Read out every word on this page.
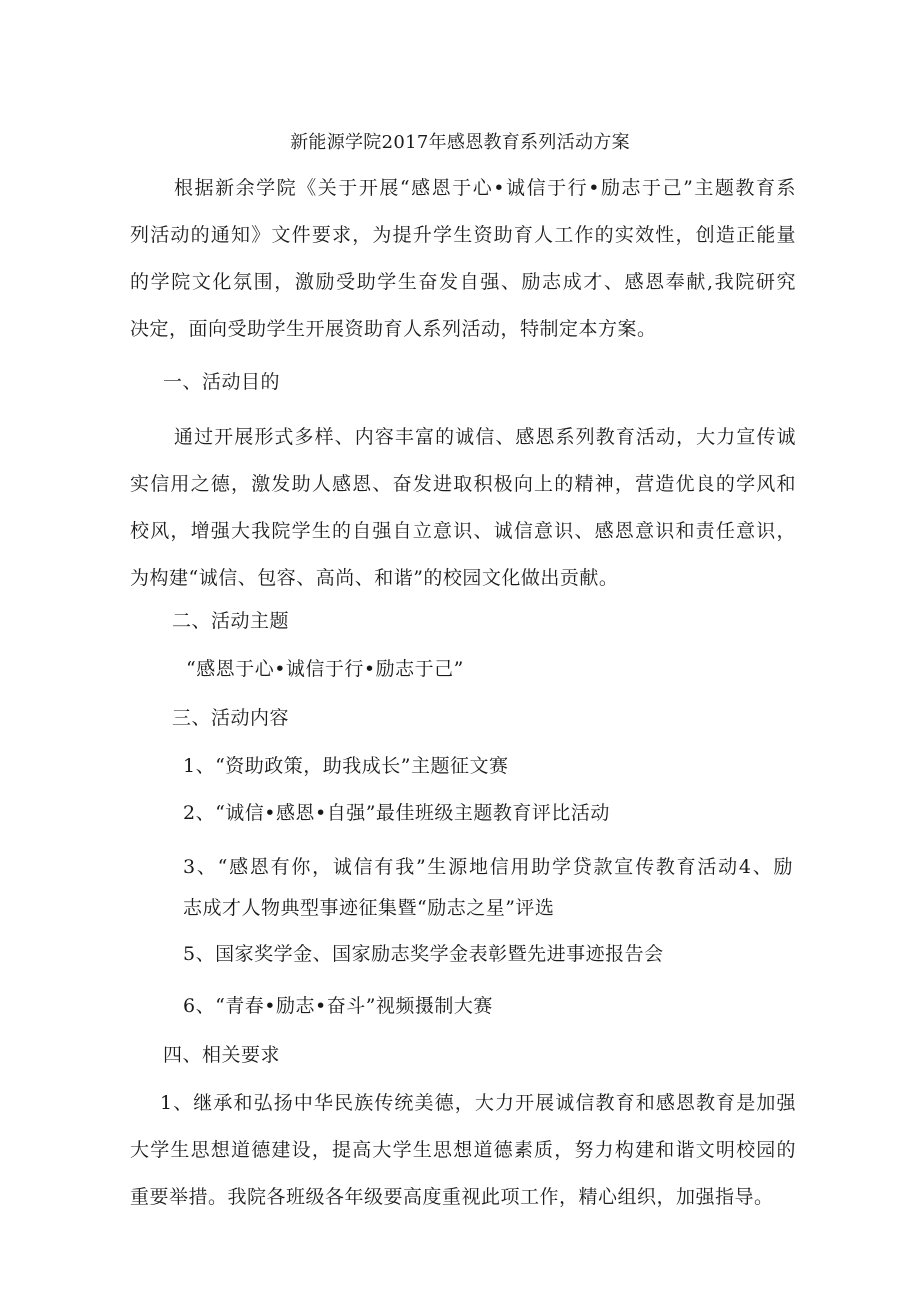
新能源学院2017年感恩教育系列活动方案

根据新余学院《关于开展“感恩于心•诚信于行•励志于己”主题教育系

列活动的通知》文件要求，为提升学生资助育人工作的实效性，创造正能量

的学院文化氛围，激励受助学生奋发自强、励志成才、感恩奉献,我院研究

决定，面向受助学生开展资助育人系列活动，特制定本方案。

一、活动目的

通过开展形式多样、内容丰富的诚信、感恩系列教育活动，大力宣传诚

实信用之德，激发助人感恩、奋发进取积极向上的精神，营造优良的学风和

校风，增强大我院学生的自强自立意识、诚信意识、感恩意识和责任意识，

为构建“诚信、包容、高尚、和谐”的校园文化做出贡献。

二、活动主题
“感恩于心•诚信于行•励志于己”
三、活动内容
1、“资助政策，助我成长”主题征文赛
2、“诚信•感恩•自强”最佳班级主题教育评比活动

3、“感恩有你，诚信有我”生源地信用助学贷款宣传教育活动4、励

志成才人物典型事迹征集暨“励志之星”评选

5、国家奖学金、国家励志奖学金表彰暨先进事迹报告会
6、“青春•励志•奋斗”视频摄制大赛
四、相关要求

1、继承和弘扬中华民族传统美德，大力开展诚信教育和感恩教育是加强

大学生思想道德建设，提高大学生思想道德素质，努力构建和谐文明校园的

重要举措。我院各班级各年级要高度重视此项工作，精心组织，加强指导。
